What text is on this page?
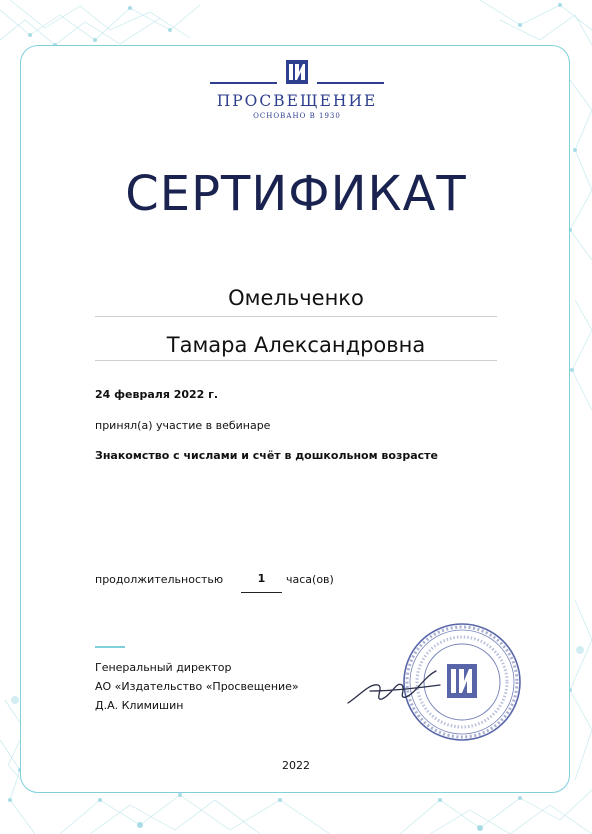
ПРОСВЕЩЕНИЕ
ОСНОВАНО В 1930
СЕРТИФИКАТ
Омельченко
Тамара Александровна
24 февраля 2022 г.
принял(а) участие в вебинаре
Знакомство с числами и счёт в дошкольном возрасте
продолжительностью	1	часа(ов)
Генеральный директор
АО «Издательство «Просвещение»
Д.А. Климишин
2022
